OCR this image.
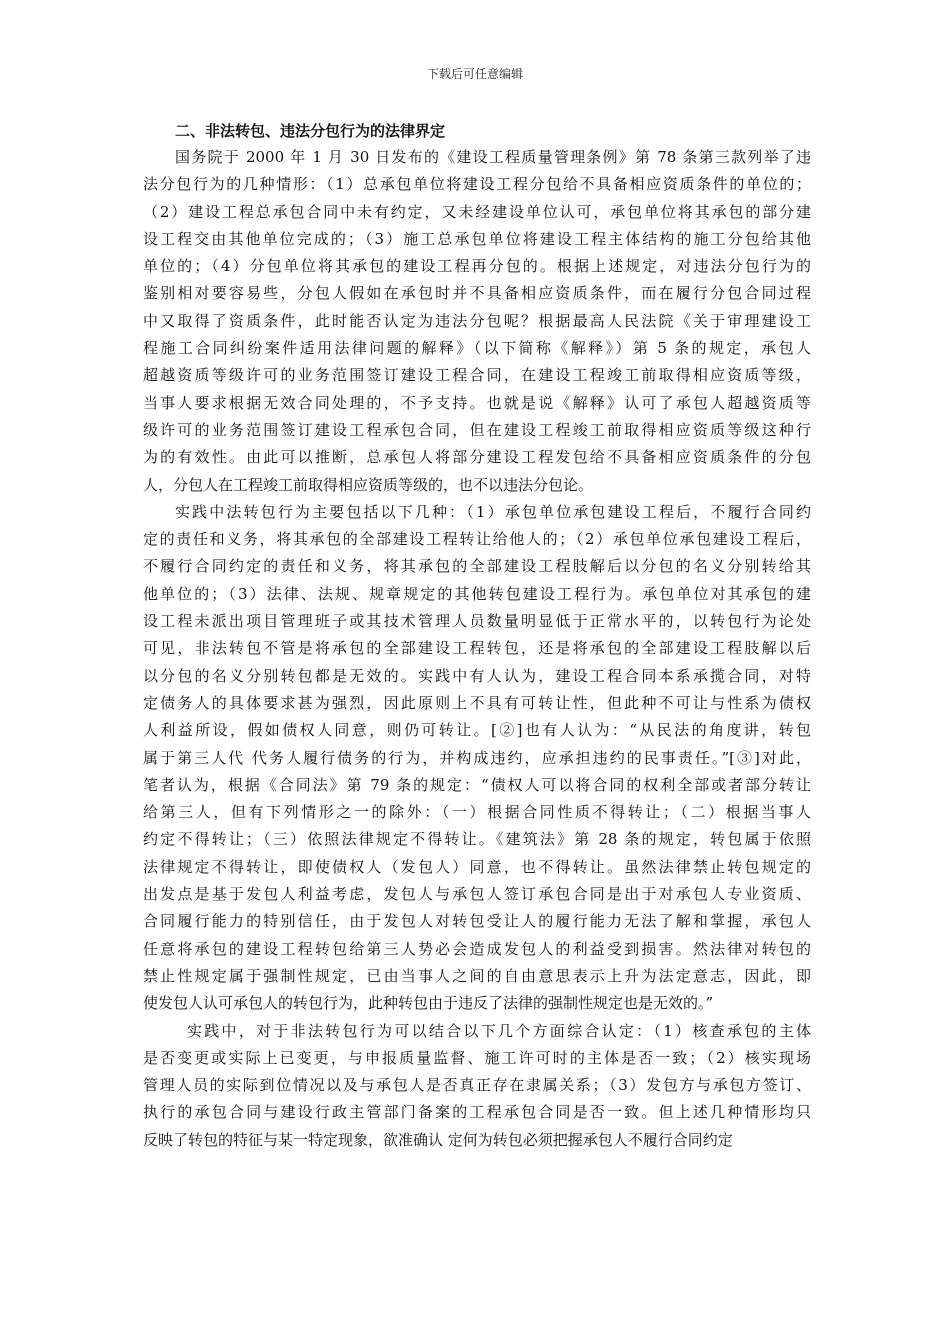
下载后可任意编辑
二、非法转包、违法分包行为的法律界定
国务院于 2000 年 1 月 30 日发布的《建设工程质量管理条例》第 78 条第三款列举了违
法分包行为的几种情形：（1）总承包单位将建设工程分包给不具备相应资质条件的单位的；
（2）建设工程总承包合同中未有约定，又未经建设单位认可，承包单位将其承包的部分建
设工程交由其他单位完成的；（3）施工总承包单位将建设工程主体结构的施工分包给其他
单位的；（4）分包单位将其承包的建设工程再分包的。根据上述规定，对违法分包行为的
鉴别相对要容易些，分包人假如在承包时并不具备相应资质条件，而在履行分包合同过程
中又取得了资质条件，此时能否认定为违法分包呢？根据最高人民法院《关于审理建设工
程施工合同纠纷案件适用法律问题的解释》（以下简称《解释》）第 5 条的规定，承包人
超越资质等级许可的业务范围签订建设工程合同，在建设工程竣工前取得相应资质等级，
当事人要求根据无效合同处理的，不予支持。也就是说《解释》认可了承包人超越资质等
级许可的业务范围签订建设工程承包合同，但在建设工程竣工前取得相应资质等级这种行
为的有效性。由此可以推断，总承包人将部分建设工程发包给不具备相应资质条件的分包
人，分包人在工程竣工前取得相应资质等级的，也不以违法分包论。
实践中法转包行为主要包括以下几种：（1）承包单位承包建设工程后，不履行合同约
定的责任和义务，将其承包的全部建设工程转让给他人的；（2）承包单位承包建设工程后，
不履行合同约定的责任和义务，将其承包的全部建设工程肢解后以分包的名义分别转给其
他单位的；（3）法律、法规、规章规定的其他转包建设工程行为。承包单位对其承包的建
设工程未派出项目管理班子或其技术管理人员数量明显低于正常水平的，以转包行为论处
可见，非法转包不管是将承包的全部建设工程转包，还是将承包的全部建设工程肢解以后
以分包的名义分别转包都是无效的。实践中有人认为，建设工程合同本系承揽合同，对特
定债务人的具体要求甚为强烈，因此原则上不具有可转让性，但此种不可让与性系为债权
人利益所设，假如债权人同意，则仍可转让。[②]也有人认为：“从民法的角度讲，转包
属于第三人代 代务人履行债务的行为，并构成违约，应承担违约的民事责任。”[③]对此，
笔者认为，根据《合同法》第 79 条的规定：“债权人可以将合同的权利全部或者部分转让
给第三人，但有下列情形之一的除外：（一）根据合同性质不得转让；（二）根据当事人
约定不得转让；（三）依照法律规定不得转让。《建筑法》第 28 条的规定，转包属于依照
法律规定不得转让，即使债权人（发包人）同意，也不得转让。虽然法律禁止转包规定的
出发点是基于发包人利益考虑，发包人与承包人签订承包合同是出于对承包人专业资质、
合同履行能力的特别信任，由于发包人对转包受让人的履行能力无法了解和掌握，承包人
任意将承包的建设工程转包给第三人势必会造成发包人的利益受到损害。然法律对转包的
禁止性规定属于强制性规定，已由当事人之间的自由意思表示上升为法定意志，因此，即
使发包人认可承包人的转包行为，此种转包由于违反了法律的强制性规定也是无效的。”
实践中，对于非法转包行为可以结合以下几个方面综合认定：（1）核查承包的主体
是否变更或实际上已变更，与申报质量监督、施工许可时的主体是否一致；（2）核实现场
管理人员的实际到位情况以及与承包人是否真正存在隶属关系；（3）发包方与承包方签订、
执行的承包合同与建设行政主管部门备案的工程承包合同是否一致。但上述几种情形均只
反映了转包的特征与某一特定现象，欲准确认 定何为转包必须把握承包人不履行合同约定
